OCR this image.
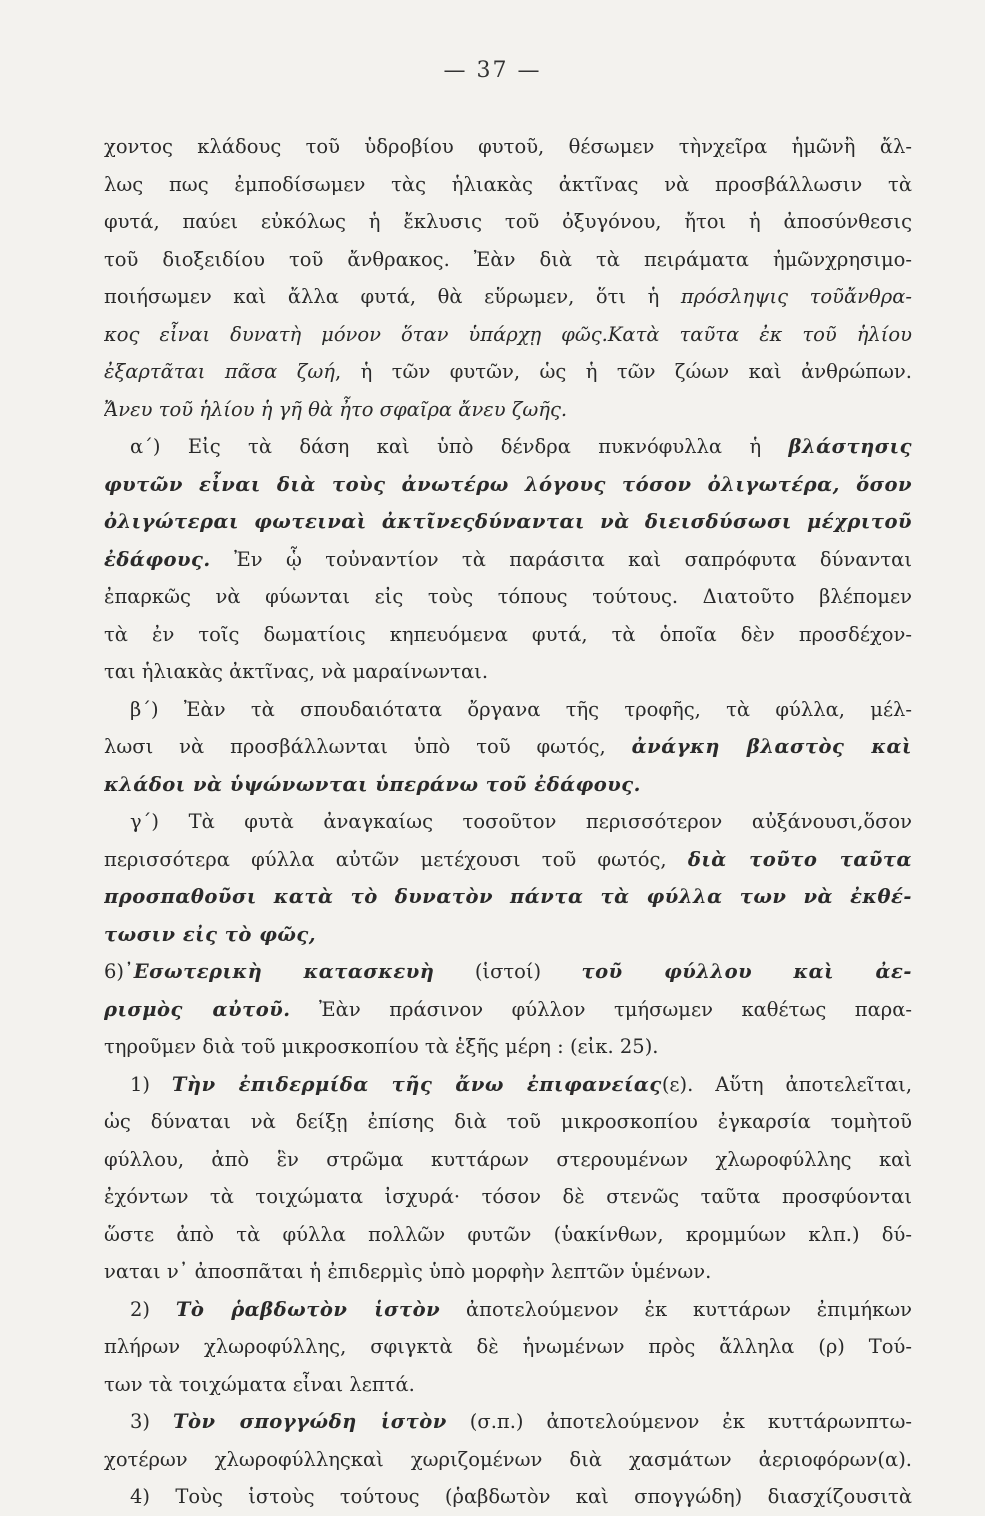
— 37 —
χοντος κλάδους τοῦ ὑδροβίου φυτοῦ, θέσωμεν τὴνχεῖρα ἡμῶνἢ ἄλ-
λως πως ἐμποδίσωμεν τὰς ἡλιακὰς ἀκτῖνας νὰ προσβάλλωσιν τὰ
φυτά, παύει εὐκόλως ἡ ἔκλυσις τοῦ ὀξυγόνου, ἤτοι ἡ ἀποσύνθεσις
τοῦ διοξειδίου τοῦ ἄνθρακος. Ἐὰν διὰ τὰ πειράματα ἡμῶνχρησιμο-
ποιήσωμεν καὶ ἄλλα φυτά, θὰ εὕρωμεν, ὅτι ἡ πρόσληψις τοῦἄνθρα-
κος εἶναι δυνατὴ μόνον ὅταν ὑπάρχῃ φῶς.Κατὰ ταῦτα ἐκ τοῦ ἡλίου
ἐξαρτᾶται πᾶσα ζωή, ἡ τῶν φυτῶν, ὡς ἡ τῶν ζώων καὶ ἀνθρώπων.
Ἄνευ τοῦ ἡλίου ἡ γῆ θὰ ἦτο σφαῖρα ἄνευ ζωῆς.
α΄) Εἰς τὰ δάση καὶ ὑπὸ δένδρα πυκνόφυλλα ἡ βλάστησις
φυτῶν εἶναι διὰ τοὺς ἀνωτέρω λόγους τόσον ὀλιγωτέρα, ὅσον
ὀλιγώτεραι φωτειναὶ ἀκτῖνεςδύνανται νὰ διεισδύσωσι μέχριτοῦ
ἐδάφους. Ἐν ᾧ τοὐναντίον τὰ παράσιτα καὶ σαπρόφυτα δύνανται
ἐπαρκῶς νὰ φύωνται εἰς τοὺς τόπους τούτους. Διατοῦτο βλέπομεν
τὰ ἐν τοῖς δωματίοις κηπευόμενα φυτά, τὰ ὁποῖα δὲν προσδέχον-
ται ἡλιακὰς ἀκτῖνας, νὰ μαραίνωνται.
β΄) Ἐὰν τὰ σπουδαιότατα ὄργανα τῆς τροφῆς, τὰ φύλλα, μέλ-
λωσι νὰ προσβάλλωνται ὑπὸ τοῦ φωτός, ἀνάγκη βλαστὸς καὶ
κλάδοι νὰ ὑψώνωνται ὑπεράνω τοῦ ἐδάφους.
γ΄) Τὰ φυτὰ ἀναγκαίως τοσοῦτον περισσότερον αὐξάνουσι,ὅσον
περισσότερα φύλλα αὐτῶν μετέχουσι τοῦ φωτός, διὰ τοῦτο ταῦτα
προσπαθοῦσι κατὰ τὸ δυνατὸν πάντα τὰ φύλλα των νὰ ἐκθέ-
τωσιν εἰς τὸ φῶς,
6)᾽Εσωτερικὴ κατασκευὴ (ἱστοί) τοῦ φύλλου καὶ ἀε-
ρισμὸς αὐτοῦ. Ἐὰν πράσινον φύλλον τμήσωμεν καθέτως παρα-
τηροῦμεν διὰ τοῦ μικροσκοπίου τὰ ἑξῆς μέρη : (εἰκ. 25).
1) Τὴν ἐπιδερμίδα τῆς ἄνω ἐπιφανείας(ε). Αὕτη ἀποτελεῖται,
ὡς δύναται νὰ δείξῃ ἐπίσης διὰ τοῦ μικροσκοπίου ἐγκαρσία τομὴτοῦ
φύλλου, ἀπὸ ἓν στρῶμα κυττάρων στερουμένων χλωροφύλλης καὶ
ἐχόντων τὰ τοιχώματα ἰσχυρά· τόσον δὲ στενῶς ταῦτα προσφύονται
ὥστε ἀπὸ τὰ φύλλα πολλῶν φυτῶν (ὑακίνθων, κρομμύων κλπ.) δύ-
ναται ν᾽ ἀποσπᾶται ἡ ἐπιδερμὶς ὑπὸ μορφὴν λεπτῶν ὑμένων.
2) Τὸ ῥαβδωτὸν ἱστὸν ἀποτελούμενον ἐκ κυττάρων ἐπιμήκων
πλήρων χλωροφύλλης, σφιγκτὰ δὲ ἡνωμένων πρὸς ἄλληλα (ρ) Τού-
των τὰ τοιχώματα εἶναι λεπτά.
3) Τὸν σπογγώδη ἱστὸν (σ.π.) ἀποτελούμενον ἐκ κυττάρωνπτω-
χοτέρων χλωροφύλληςκαὶ χωριζομένων διὰ χασμάτων ἀεριοφόρων(α).
4) Τοὺς ἱστοὺς τούτους (ῥαβδωτὸν καὶ σπογγώδη) διασχίζουσιτὰ
